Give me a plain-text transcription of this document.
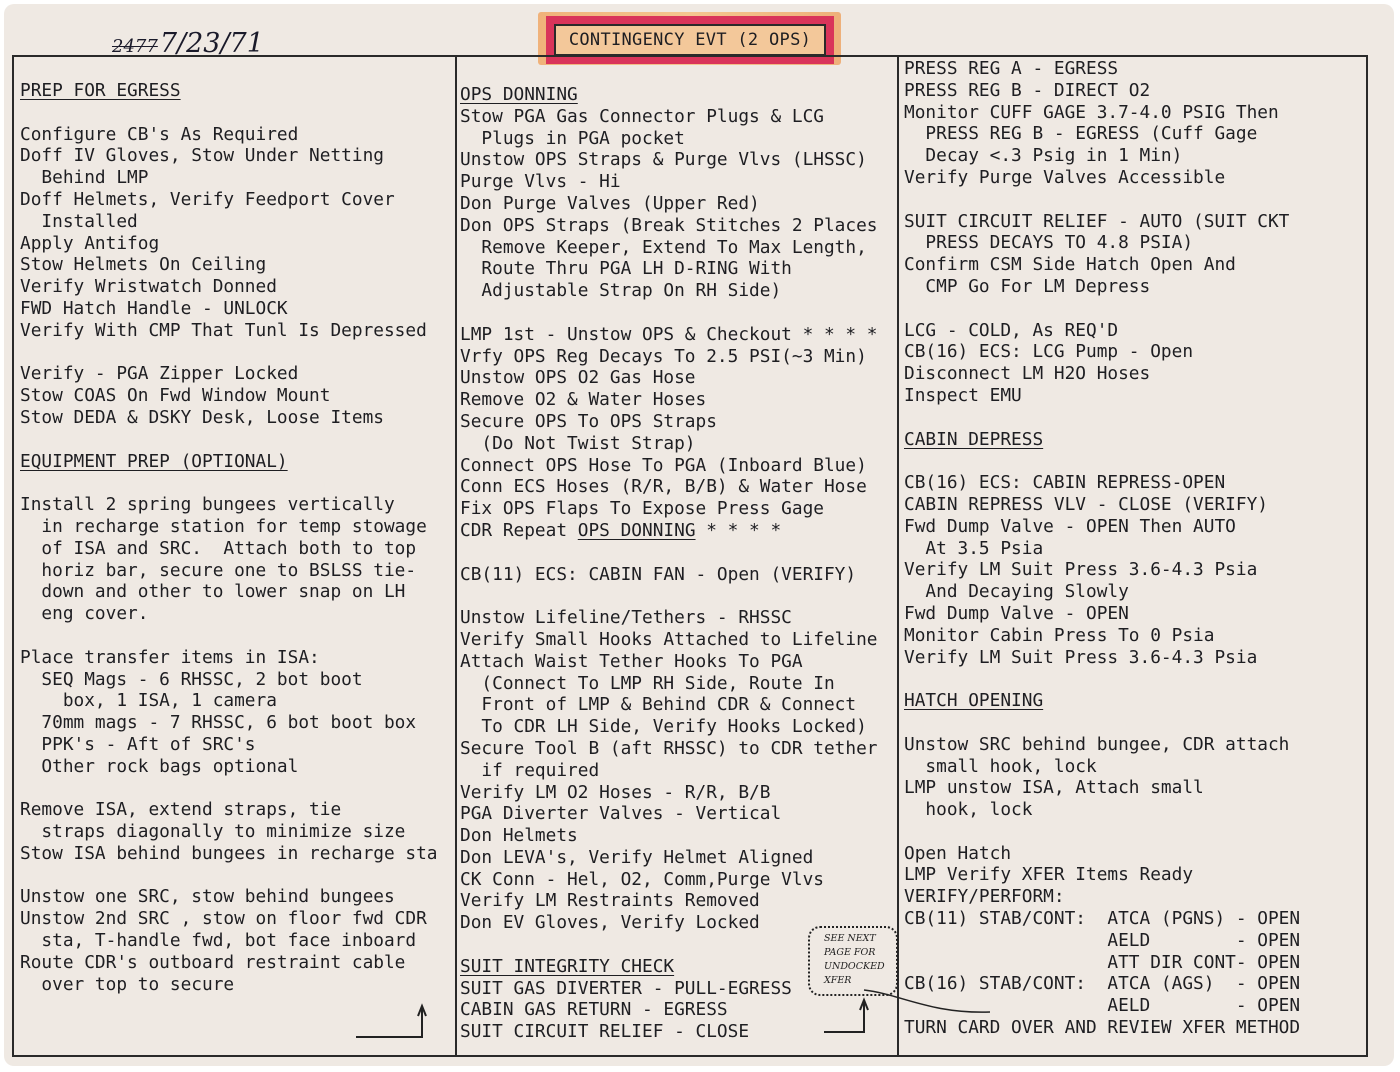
24777/23/71	CONTINGENCY EVT (2 OPS)
PREP FOR EGRESS

Configure CB's As Required
Doff IV Gloves, Stow Under Netting
Behind LMP
Doff Helmets, Verify Feedport Cover
Installed
Apply Antifog
Stow Helmets On Ceiling
Verify Wristwatch Donned
FWD Hatch Handle - UNLOCK
Verify With CMP That Tunl Is Depressed

Verify - PGA Zipper Locked
Stow COAS On Fwd Window Mount
Stow DEDA & DSKY Desk, Loose Items

EQUIPMENT PREP (OPTIONAL)

Install 2 spring bungees vertically
in recharge station for temp stowage
of ISA and SRC.  Attach both to top
horiz bar, secure one to BSLSS tie-
down and other to lower snap on LH
eng cover.

Place transfer items in ISA:
SEQ Mags - 6 RHSSC, 2 bot boot
box, 1 ISA, 1 camera
70mm mags - 7 RHSSC, 6 bot boot box
PPK's - Aft of SRC's
Other rock bags optional

Remove ISA, extend straps, tie
straps diagonally to minimize size
Stow ISA behind bungees in recharge sta

Unstow one SRC, stow behind bungees
Unstow 2nd SRC , stow on floor fwd CDR
sta, T-handle fwd, bot face inboard
Route CDR's outboard restraint cable
over top to secure
OPS DONNING
Stow PGA Gas Connector Plugs & LCG
Plugs in PGA pocket
Unstow OPS Straps & Purge Vlvs (LHSSC)
Purge Vlvs - Hi
Don Purge Valves (Upper Red)
Don OPS Straps (Break Stitches 2 Places
Remove Keeper, Extend To Max Length,
Route Thru PGA LH D-RING With
Adjustable Strap On RH Side)

LMP 1st - Unstow OPS & Checkout * * * *
Vrfy OPS Reg Decays To 2.5 PSI(~3 Min)
Unstow OPS O2 Gas Hose
Remove O2 & Water Hoses
Secure OPS To OPS Straps
(Do Not Twist Strap)
Connect OPS Hose To PGA (Inboard Blue)
Conn ECS Hoses (R/R, B/B) & Water Hose
Fix OPS Flaps To Expose Press Gage
CDR Repeat OPS DONNING * * * *

CB(11) ECS: CABIN FAN - Open (VERIFY)

Unstow Lifeline/Tethers - RHSSC
Verify Small Hooks Attached to Lifeline
Attach Waist Tether Hooks To PGA
(Connect To LMP RH Side, Route In
Front of LMP & Behind CDR & Connect
To CDR LH Side, Verify Hooks Locked)
Secure Tool B (aft RHSSC) to CDR tether
if required
Verify LM O2 Hoses - R/R, B/B
PGA Diverter Valves - Vertical
Don Helmets
Don LEVA's, Verify Helmet Aligned
CK Conn - Hel, O2, Comm,Purge Vlvs
Verify LM Restraints Removed
Don EV Gloves, Verify Locked

SUIT INTEGRITY CHECK
SUIT GAS DIVERTER - PULL-EGRESS
CABIN GAS RETURN - EGRESS
SUIT CIRCUIT RELIEF - CLOSE
PRESS REG A - EGRESS
PRESS REG B - DIRECT O2
Monitor CUFF GAGE 3.7-4.0 PSIG Then
PRESS REG B - EGRESS (Cuff Gage
Decay <.3 Psig in 1 Min)
Verify Purge Valves Accessible

SUIT CIRCUIT RELIEF - AUTO (SUIT CKT
PRESS DECAYS TO 4.8 PSIA)
Confirm CSM Side Hatch Open And
CMP Go For LM Depress

LCG - COLD, As REQ'D
CB(16) ECS: LCG Pump - Open
Disconnect LM H2O Hoses
Inspect EMU

CABIN DEPRESS

CB(16) ECS: CABIN REPRESS-OPEN
CABIN REPRESS VLV - CLOSE (VERIFY)
Fwd Dump Valve - OPEN Then AUTO
At 3.5 Psia
Verify LM Suit Press 3.6-4.3 Psia
And Decaying Slowly
Fwd Dump Valve - OPEN
Monitor Cabin Press To 0 Psia
Verify LM Suit Press 3.6-4.3 Psia

HATCH OPENING

Unstow SRC behind bungee, CDR attach
small hook, lock
LMP unstow ISA, Attach small
hook, lock

Open Hatch
LMP Verify XFER Items Ready
VERIFY/PERFORM:
CB(11) STAB/CONT:  ATCA (PGNS) - OPEN
AELD        - OPEN
ATT DIR CONT- OPEN
CB(16) STAB/CONT:  ATCA (AGS)  - OPEN
AELD        - OPEN
TURN CARD OVER AND REVIEW XFER METHOD
SEE NEXT
PAGE FOR
UNDOCKED
XFER
